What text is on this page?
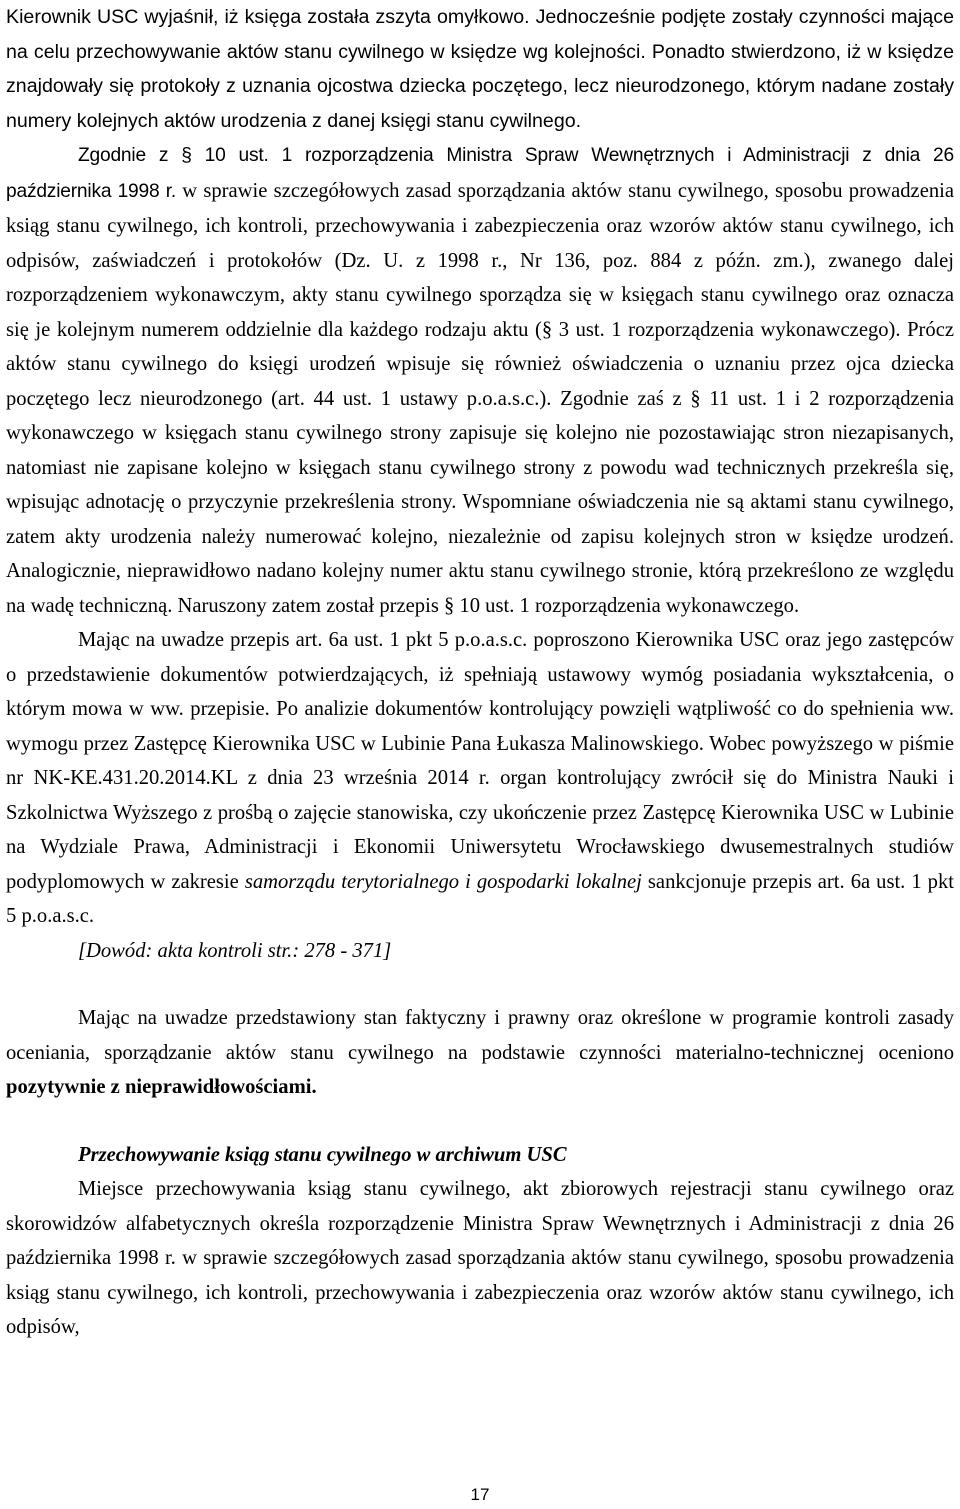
Kierownik USC wyjaśnił, iż księga została zszyta omyłkowo. Jednocześnie podjęte zostały czynności mające na celu przechowywanie aktów stanu cywilnego w księdze wg kolejności. Ponadto stwierdzono, iż w księdze znajdowały się protokoły z uznania ojcostwa dziecka poczętego, lecz nieurodzonego, którym nadane zostały numery kolejnych aktów urodzenia z danej księgi stanu cywilnego.

Zgodnie z § 10 ust. 1 rozporządzenia Ministra Spraw Wewnętrznych i Administracji z dnia 26 października 1998 r. w sprawie szczegółowych zasad sporządzania aktów stanu cywilnego, sposobu prowadzenia ksiąg stanu cywilnego, ich kontroli, przechowywania i zabezpieczenia oraz wzorów aktów stanu cywilnego, ich odpisów, zaświadczeń i protokołów (Dz. U. z 1998 r., Nr 136, poz. 884 z późn. zm.), zwanego dalej rozporządzeniem wykonawczym, akty stanu cywilnego sporządza się w księgach stanu cywilnego oraz oznacza się je kolejnym numerem oddzielnie dla każdego rodzaju aktu (§ 3 ust. 1 rozporządzenia wykonawczego). Prócz aktów stanu cywilnego do księgi urodzeń wpisuje się również oświadczenia o uznaniu przez ojca dziecka poczętego lecz nieurodzonego (art. 44 ust. 1 ustawy p.o.a.s.c.). Zgodnie zaś z § 11 ust. 1 i 2 rozporządzenia wykonawczego w księgach stanu cywilnego strony zapisuje się kolejno nie pozostawiając stron niezapisanych, natomiast nie zapisane kolejno w księgach stanu cywilnego strony z powodu wad technicznych przekreśla się, wpisując adnotację o przyczynie przekreślenia strony. Wspomniane oświadczenia nie są aktami stanu cywilnego, zatem akty urodzenia należy numerować kolejno, niezależnie od zapisu kolejnych stron w księdze urodzeń. Analogicznie, nieprawidłowo nadano kolejny numer aktu stanu cywilnego stronie, którą przekreślono ze względu na wadę techniczną. Naruszony zatem został przepis § 10 ust. 1 rozporządzenia wykonawczego.

Mając na uwadze przepis art. 6a ust. 1 pkt 5 p.o.a.s.c. poproszono Kierownika USC oraz jego zastępców o przedstawienie dokumentów potwierdzających, iż spełniają ustawowy wymóg posiadania wykształcenia, o którym mowa w ww. przepisie. Po analizie dokumentów kontrolujący powzięli wątpliwość co do spełnienia ww. wymogu przez Zastępcę Kierownika USC w Lubinie Pana Łukasza Malinowskiego. Wobec powyższego w piśmie nr NK-KE.431.20.2014.KL z dnia 23 września 2014 r. organ kontrolujący zwrócił się do Ministra Nauki i Szkolnictwa Wyższego z prośbą o zajęcie stanowiska, czy ukończenie przez Zastępcę Kierownika USC w Lubinie na Wydziale Prawa, Administracji i Ekonomii Uniwersytetu Wrocławskiego dwusemestralnych studiów podyplomowych w zakresie samorządu terytorialnego i gospodarki lokalnej sankcjonuje przepis art. 6a ust. 1 pkt 5 p.o.a.s.c.

[Dowód: akta kontroli str.: 278 - 371]

Mając na uwadze przedstawiony stan faktyczny i prawny oraz określone w programie kontroli zasady oceniania, sporządzanie aktów stanu cywilnego na podstawie czynności materialno-technicznej oceniono pozytywnie z nieprawidłowościami.

Przechowywanie ksiąg stanu cywilnego w archiwum USC

Miejsce przechowywania ksiąg stanu cywilnego, akt zbiorowych rejestracji stanu cywilnego oraz skorowidzów alfabetycznych określa rozporządzenie Ministra Spraw Wewnętrznych i Administracji z dnia 26 października 1998 r. w sprawie szczegółowych zasad sporządzania aktów stanu cywilnego, sposobu prowadzenia ksiąg stanu cywilnego, ich kontroli, przechowywania i zabezpieczenia oraz wzorów aktów stanu cywilnego, ich odpisów,

17
